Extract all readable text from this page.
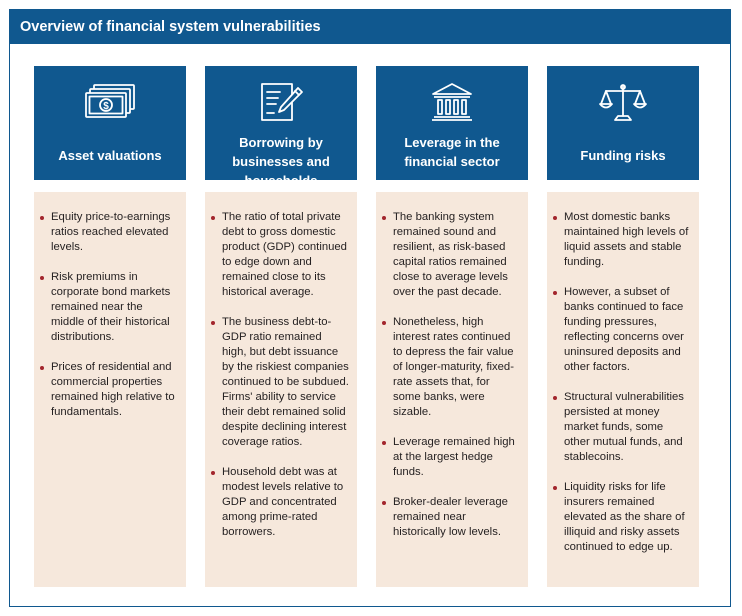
Overview of financial system vulnerabilities
$
Asset valuations
Equity price-to-earnings ratios reached elevated levels.
Risk premiums in corporate bond markets remained near the middle of their historical distributions.
Prices of residential and commercial properties remained high relative to fundamentals.
Borrowing by businesses and households
The ratio of total private debt to gross domestic product (GDP) continued to edge down and remained close to its historical average.
The business debt-to-GDP ratio remained high, but debt issuance by the riskiest companies continued to be subdued. Firms' ability to service their debt remained solid despite declining interest coverage ratios.
Household debt was at modest levels relative to GDP and concentrated among prime-rated borrowers.
Leverage in the financial sector
The banking system remained sound and resilient, as risk-based capital ratios remained close to average levels over the past decade.
Nonetheless, high interest rates continued to depress the fair value of longer-maturity, fixed-rate assets that, for some banks, were sizable.
Leverage remained high at the largest hedge funds.
Broker-dealer leverage remained near historically low levels.
Funding risks
Most domestic banks maintained high levels of liquid assets and stable funding.
However, a subset of banks continued to face funding pressures, reflecting concerns over uninsured deposits and other factors.
Structural vulnerabilities persisted at money market funds, some other mutual funds, and stablecoins.
Liquidity risks for life insurers remained elevated as the share of illiquid and risky assets continued to edge up.
